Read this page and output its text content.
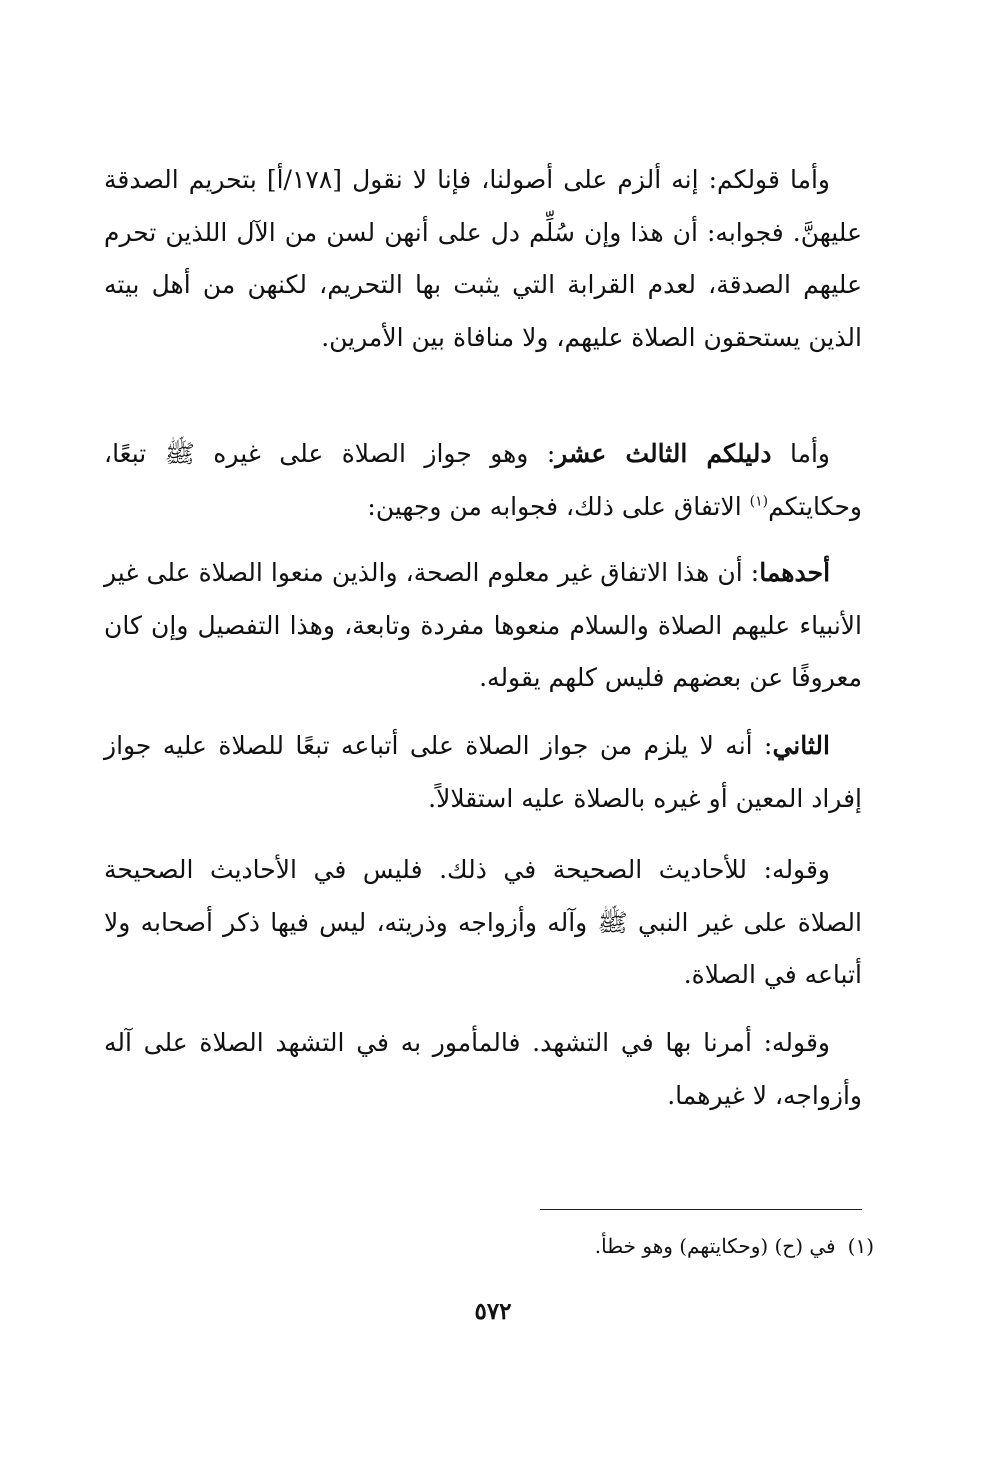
وأما قولكم: إنه ألزم على أصولنا، فإنا لا نقول [١٧٨/أ] بتحريم الصدقة عليهنَّ. فجوابه: أن هذا وإن سُلِّم دل على أنهن لسن من الآل اللذين تحرم عليهم الصدقة، لعدم القرابة التي يثبت بها التحريم، لكنهن من أهل بيته الذين يستحقون الصلاة عليهم، ولا منافاة بين الأمرين.

وأما دليلكم الثالث عشر: وهو جواز الصلاة على غيره ﷺ تبعًا، وحكايتكم$^{(١)}$ الاتفاق على ذلك، فجوابه من وجهين:

أحدهما: أن هذا الاتفاق غير معلوم الصحة، والذين منعوا الصلاة على غير الأنبياء عليهم الصلاة والسلام منعوها مفردة وتابعة، وهذا التفصيل وإن كان معروفًا عن بعضهم فليس كلهم يقوله.

الثاني: أنه لا يلزم من جواز الصلاة على أتباعه تبعًا للصلاة عليه جواز إفراد المعين أو غيره بالصلاة عليه استقلالاً.

وقوله: للأحاديث الصحيحة في ذلك. فليس في الأحاديث الصحيحة الصلاة على غير النبي ﷺ وآله وأزواجه وذريته، ليس فيها ذكر أصحابه ولا أتباعه في الصلاة.

وقوله: أمرنا بها في التشهد. فالمأمور به في التشهد الصلاة على آله وأزواجه، لا غيرهما.

(١)في (ح) (وحكايتهم) وهو خطأ.
٥٧٢
